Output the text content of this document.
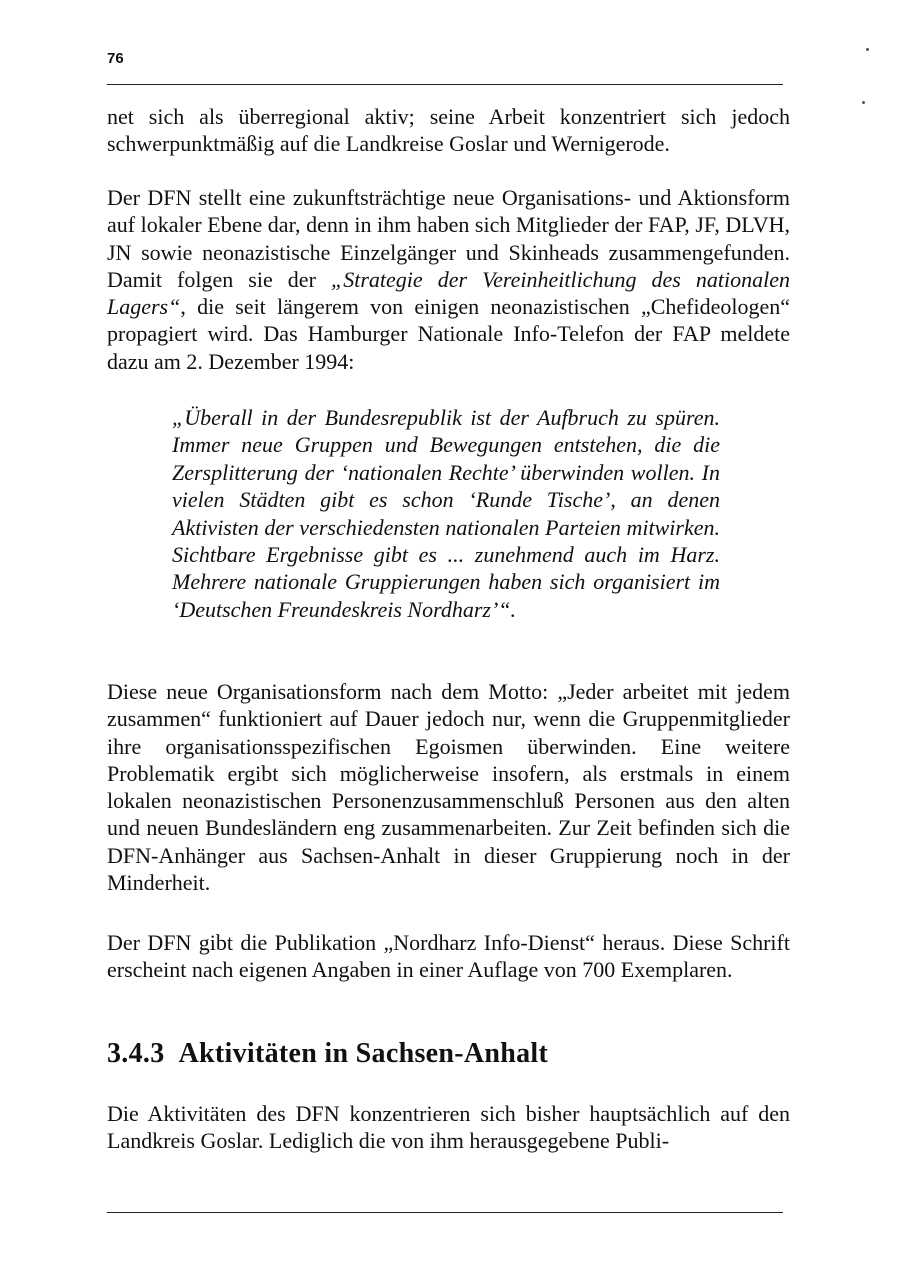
76

net sich als überregional aktiv; seine Arbeit konzentriert sich jedoch schwerpunktmäßig auf die Landkreise Goslar und Wernigerode.

Der DFN stellt eine zukunftsträchtige neue Organisations- und Aktionsform auf lokaler Ebene dar, denn in ihm haben sich Mitglieder der FAP, JF, DLVH, JN sowie neonazistische Einzelgänger und Skinheads zusammengefunden. Damit folgen sie der „Strategie der Vereinheitlichung des nationalen Lagers“, die seit längerem von einigen neonazistischen „Chefideologen“ propagiert wird. Das Hamburger Nationale Info-Telefon der FAP meldete dazu am 2. Dezember 1994:

„Überall in der Bundesrepublik ist der Aufbruch zu spüren. Immer neue Gruppen und Bewegungen entstehen, die die Zersplitterung der ‘nationalen Rechte’ überwinden wollen. In vielen Städten gibt es schon ‘Runde Tische’, an denen Aktivisten der verschiedensten nationalen Parteien mitwirken. Sichtbare Ergebnisse gibt es ... zunehmend auch im Harz. Mehrere nationale Gruppierungen haben sich organisiert im ‘Deutschen Freundeskreis Nordharz’“.

Diese neue Organisationsform nach dem Motto: „Jeder arbeitet mit jedem zusammen“ funktioniert auf Dauer jedoch nur, wenn die Gruppenmitglieder ihre organisationsspezifischen Egoismen überwinden. Eine weitere Problematik ergibt sich möglicherweise insofern, als erstmals in einem lokalen neonazistischen Personenzusammenschluß Personen aus den alten und neuen Bundesländern eng zusammenarbeiten. Zur Zeit befinden sich die DFN-Anhänger aus Sachsen-Anhalt in dieser Gruppierung noch in der Minderheit.

Der DFN gibt die Publikation „Nordharz Info-Dienst“ heraus. Diese Schrift erscheint nach eigenen Angaben in einer Auflage von 700 Exemplaren.

3.4.3 Aktivitäten in Sachsen-Anhalt

Die Aktivitäten des DFN konzentrieren sich bisher hauptsächlich auf den Landkreis Goslar. Lediglich die von ihm herausgegebene Publi-
